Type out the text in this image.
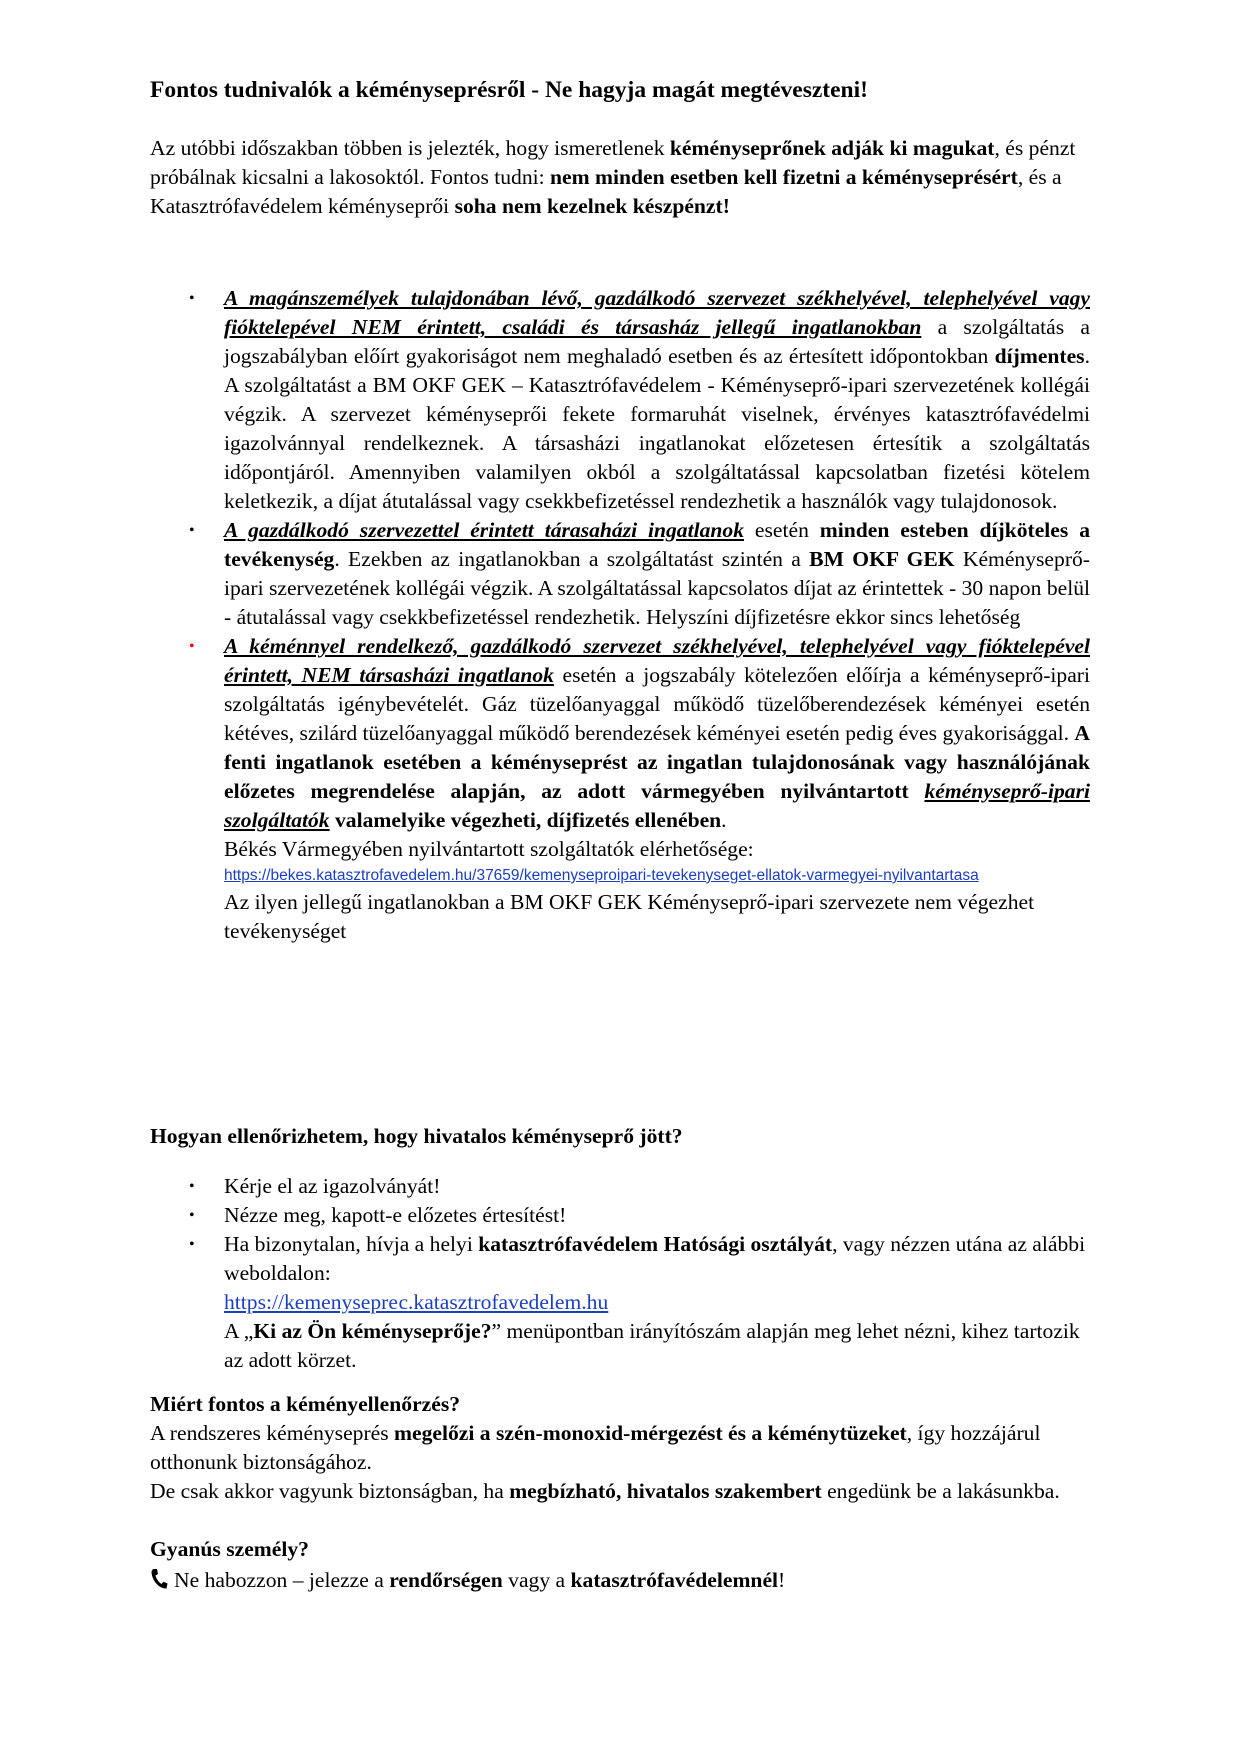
Fontos tudnivalók a kéményseprésről - Ne hagyja magát megtéveszteni!

Az utóbbi időszakban többen is jelezték, hogy ismeretlenek kéményseprőnek adják ki magukat, és pénzt próbálnak kicsalni a lakosoktól. Fontos tudni: nem minden esetben kell fizetni a kéményseprésért, és a Katasztrófavédelem kéményseprői soha nem kezelnek készpénzt!

• A magánszemélyek tulajdonában lévő, gazdálkodó szervezet székhelyével, telephelyével vagy fióktelepével NEM érintett, családi és társasház jellegű ingatlanokban a szolgáltatás a jogszabályban előírt gyakoriságot nem meghaladó esetben és az értesített időpontokban díjmentes. A szolgáltatást a BM OKF GEK – Katasztrófavédelem - Kéményseprő-ipari szervezetének kollégái végzik. A szervezet kéményseprői fekete formaruhát viselnek, érvényes katasztrófavédelmi igazolvánnyal rendelkeznek. A társasházi ingatlanokat előzetesen értesítik a szolgáltatás időpontjáról. Amennyiben valamilyen okból a szolgáltatással kapcsolatban fizetési kötelem keletkezik, a díjat átutalással vagy csekkbefizetéssel rendezhetik a használók vagy tulajdonosok.
• A gazdálkodó szervezettel érintett tárasaházi ingatlanok esetén minden esteben díjköteles a tevékenység. Ezekben az ingatlanokban a szolgáltatást szintén a BM OKF GEK Kéményseprő-ipari szervezetének kollégái végzik. A szolgáltatással kapcsolatos díjat az érintettek - 30 napon belül - átutalással vagy csekkbefizetéssel rendezhetik. Helyszíni díjfizetésre ekkor sincs lehetőség
• A kéménnyel rendelkező, gazdálkodó szervezet székhelyével, telephelyével vagy fióktelepével érintett, NEM társasházi ingatlanok esetén a jogszabály kötelezően előírja a kéményseprő-ipari szolgáltatás igénybevételét. Gáz tüzelőanyaggal működő tüzelőberendezések kéményei esetén kétéves, szilárd tüzelőanyaggal működő berendezések kéményei esetén pedig éves gyakorisággal. A fenti ingatlanok esetében a kéményseprést az ingatlan tulajdonosának vagy használójának előzetes megrendelése alapján, az adott vármegyében nyilvántartott kéményseprő-ipari szolgáltatók valamelyike végezheti, díjfizetés ellenében.
Békés Vármegyében nyilvántartott szolgáltatók elérhetősége:
https://bekes.katasztrofavedelem.hu/37659/kemenyseproipari-tevekenyseget-ellatok-varmegyei-nyilvantartasa
Az ilyen jellegű ingatlanokban a BM OKF GEK Kéményseprő-ipari szervezete nem végezhet tevékenységet
Hogyan ellenőrizhetem, hogy hivatalos kéményseprő jött?
• Kérje el az igazolványát!
• Nézze meg, kapott-e előzetes értesítést!
• Ha bizonytalan, hívja a helyi katasztrófavédelem Hatósági osztályát, vagy nézzen utána az alábbi weboldalon:
https://kemenyseprес.katasztrofavedelem.hu
A „Ki az Ön kéményseprője?” menüpontban irányítószám alapján meg lehet nézni, kihez tartozik az adott körzet.
Miért fontos a kéményellenőrzés?

A rendszeres kéményseprés megelőzi a szén-monoxid-mérgezést és a kéménytüzeket, így hozzájárul otthonunk biztonságához.

De csak akkor vagyunk biztonságban, ha megbízható, hivatalos szakembert engedünk be a lakásunkba.

Gyanús személy?

Ne habozzon – jelezze a rendőrségen vagy a katasztrófavédelemnél!
